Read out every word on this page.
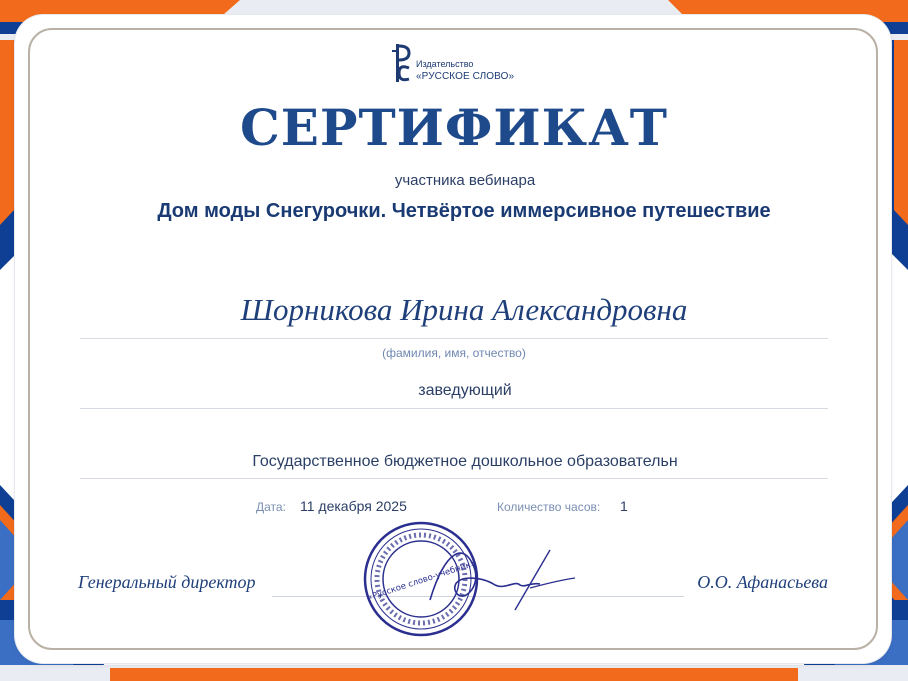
Издательство
«РУССКОЕ СЛОВО»
СЕРТИФИКАТ
участника вебинара
Дом моды Снегурочки. Четвёртое иммерсивное путешествие
Шорникова Ирина Александровна
(фамилия, имя, отчество)
заведующий
Государственное бюджетное дошкольное образовательн
Дата: 11 декабря 2025	Количество часов: 1
Генеральный директор	О.О. Афанасьева
«Русское слово-учебник»
